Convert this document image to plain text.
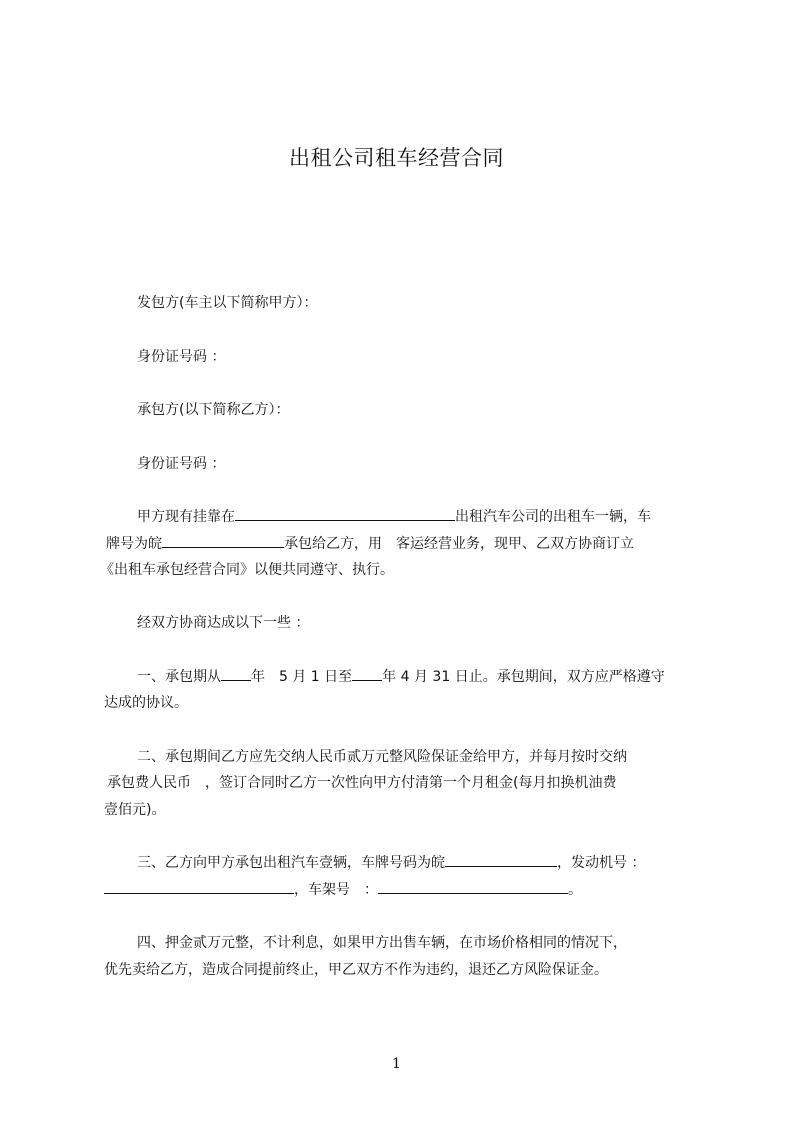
出租公司租车经营合同
发包方(车主以下简称甲方）：
身份证号码 ：
承包方(以下简称乙方）：
身份证号码 ：
甲方现有挂靠在	出租汽车公司的出租车一辆，车
牌号为皖	承包给乙方，用　客运经营业务，现甲、乙双方协商订立
《出租车承包经营合同》以便共同遵守、执行。
经双方协商达成以下一些 ：
一、承包期从 年　5 月 1 日至 年 4 月 31 日止。承包期间，双方应严格遵守
达成的协议。
二、承包期间乙方应先交纳人民币贰万元整风险保证金给甲方，并每月按时交纳
承包费人民币　，签订合同时乙方一次性向甲方付清第一个月租金(每月扣换机油费
壹佰元)。
三、乙方向甲方承包出租汽车壹辆，车牌号码为皖	，发动机号 ：
，车架号　：	。
四、押金贰万元整，不计利息，如果甲方出售车辆，在市场价格相同的情况下，
优先卖给乙方，造成合同提前终止，甲乙双方不作为违约，退还乙方风险保证金。
1
